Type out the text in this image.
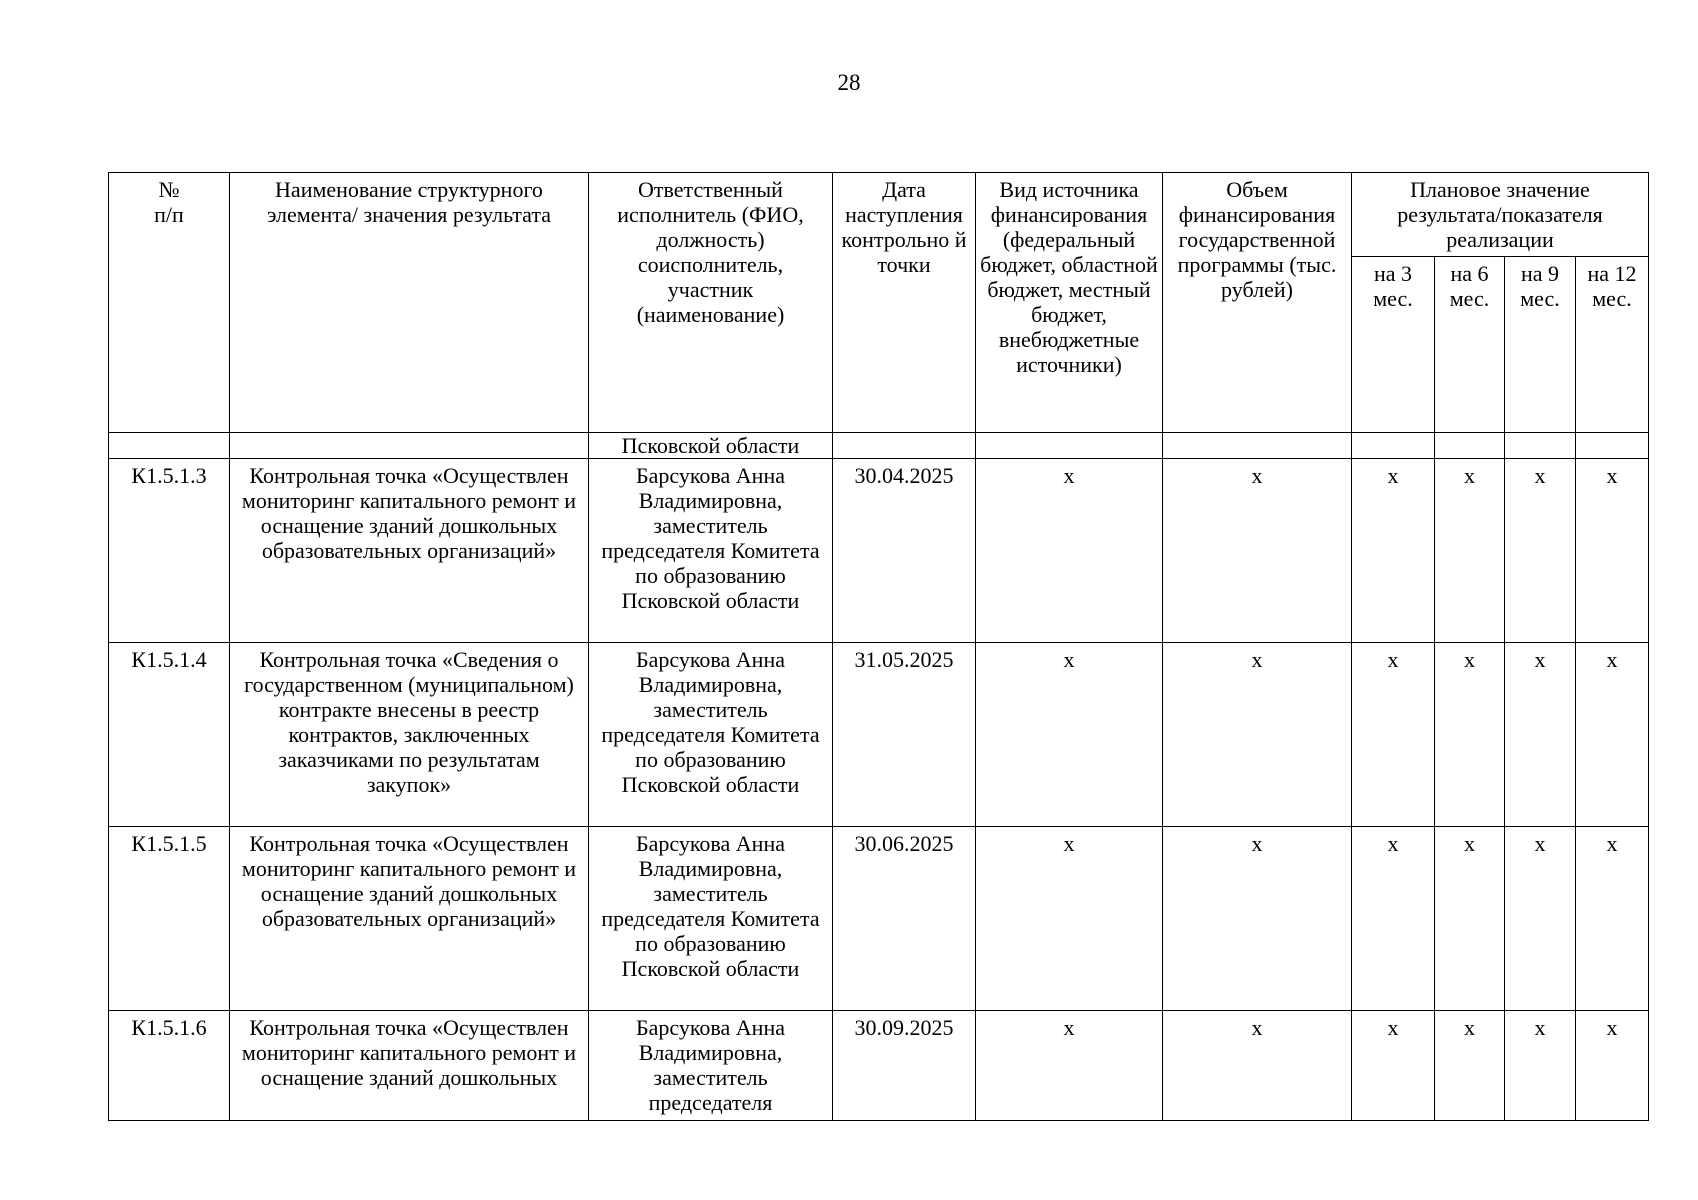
28
№
п/п	Наименование структурного элемента/ значения результата	Ответственный исполнитель (ФИО, должность) соисполнитель, участник (наименование)	Дата наступления контрольно й точки	Вид источника финансирования (федеральный бюджет, областной бюджет, местный бюджет, внебюджетные источники)	Объем финансирования государственной программы (тыс. рублей)	Плановое значение результата/показателя реализации			
						на 3 мес.	на 6 мес.	на 9 мес.	на 12 мес.
		Псковской области							
К1.5.1.3	Контрольная точка «Осуществлен мониторинг капитального ремонт и оснащение зданий дошкольных образовательных организаций»	Барсукова Анна Владимировна, заместитель председателя Комитета по образованию Псковской области	30.04.2025	х	х	х	х	х	х
К1.5.1.4	Контрольная точка «Сведения о государственном (муниципальном) контракте внесены в реестр контрактов, заключенных заказчиками по результатам закупок»	Барсукова Анна Владимировна, заместитель председателя Комитета по образованию Псковской области	31.05.2025	х	х	х	х	х	х
К1.5.1.5	Контрольная точка «Осуществлен мониторинг капитального ремонт и оснащение зданий дошкольных образовательных организаций»	Барсукова Анна Владимировна, заместитель председателя Комитета по образованию Псковской области	30.06.2025	х	х	х	х	х	х
К1.5.1.6	Контрольная точка «Осуществлен мониторинг капитального ремонт и оснащение зданий дошкольных	Барсукова Анна Владимировна, заместитель председателя	30.09.2025	х	х	х	х	х	х
